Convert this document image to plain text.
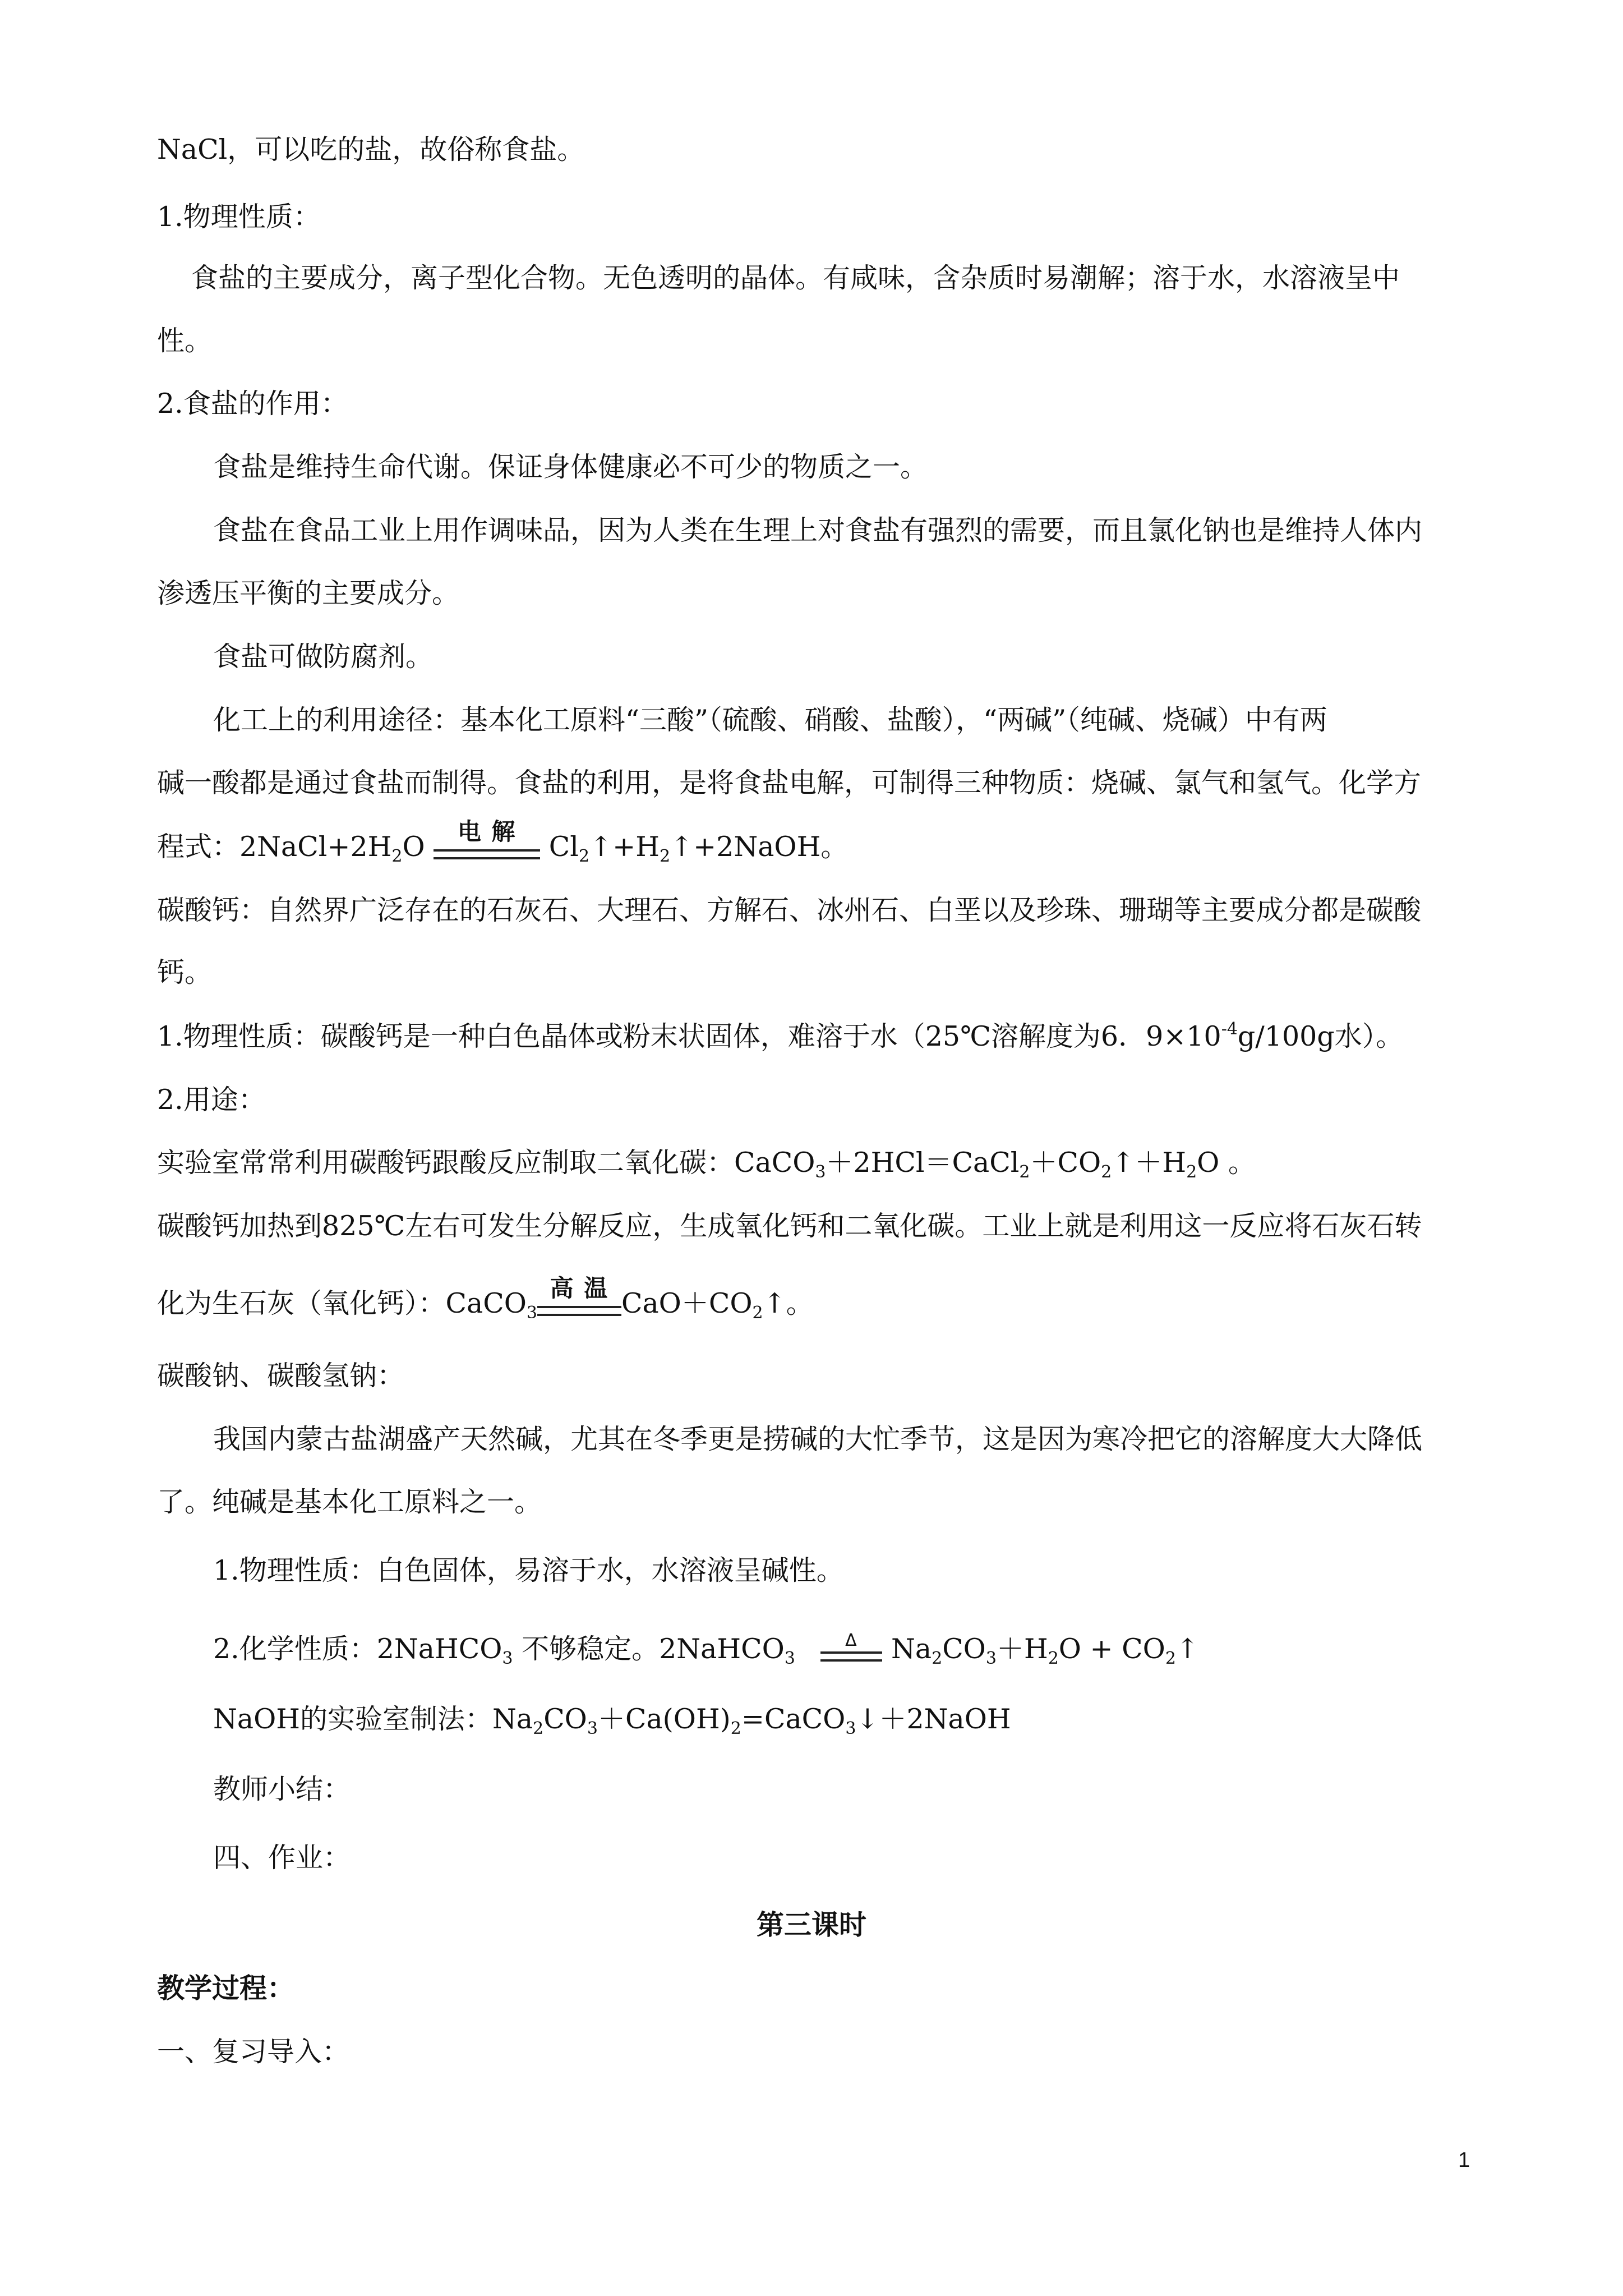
NaCl，可以吃的盐，故俗称食盐。
1.物理性质：
食盐的主要成分，离子型化合物。无色透明的晶体。有咸味，含杂质时易潮解；溶于水，水溶液呈中
性。
2.食盐的作用：
食盐是维持生命代谢。保证身体健康必不可少的物质之一。
食盐在食品工业上用作调味品，因为人类在生理上对食盐有强烈的需要，而且氯化钠也是维持人体内
渗透压平衡的主要成分。
食盐可做防腐剂。
化工上的利用途径：基本化工原料“三酸”（硫酸、硝酸、盐酸），“两碱”（纯碱、烧碱）中有两
碱一酸都是通过食盐而制得。食盐的利用，是将食盐电解，可制得三种物质：烧碱、氯气和氢气。化学方
程式：$2NaCl+2H_2O$	电 解 $Cl_2↑+H_2↑+2NaOH$。
碳酸钙：自然界广泛存在的石灰石、大理石、方解石、冰州石、白垩以及珍珠、珊瑚等主要成分都是碳酸
钙。
1.物理性质：碳酸钙是一种白色晶体或粉末状固体，难溶于水（25℃溶解度为6．$9\times 10^{-4}g/100g$水）。
2.用途：
实验室常常利用碳酸钙跟酸反应制取二氧化碳：$CaCO_3+2HCl=CaCl_2+CO_2↑+H_2O$ 。
碳酸钙加热到825℃左右可发生分解反应，生成氧化钙和二氧化碳。工业上就是利用这一反应将石灰石转
化为生石灰（氧化钙）：CaCO$_3$
高 温 $CaO+CO_2↑$。
碳酸钠、碳酸氢钠：
我国内蒙古盐湖盛产天然碱，尤其在冬季更是捞碱的大忙季节，这是因为寒冷把它的溶解度大大降低
了。纯碱是基本化工原料之一。
1.物理性质：白色固体，易溶于水，水溶液呈碱性。
2.化学性质：2NaHCO$_3$ 不够稳定。2NaHCO$_3$
Δ $Na_2CO_3+H_2O$ + $CO_2↑$
NaOH的实验室制法：$Na_2CO_3+Ca(OH)_2=CaCO_3↓+2NaOH$
教师小结：
四、作业：
第三课时
教学过程：
一、复习导入：
1
